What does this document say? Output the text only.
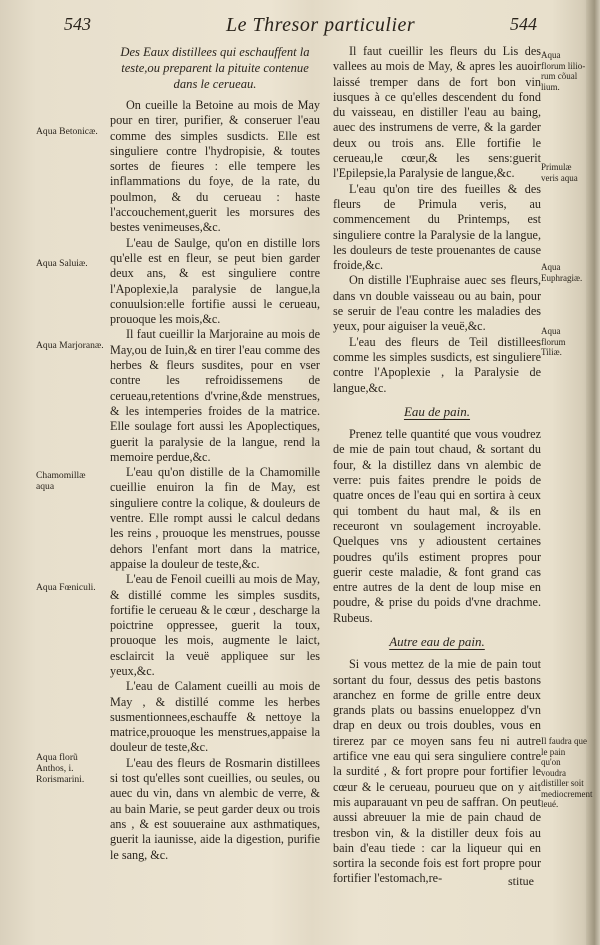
543	Le Thresor particulier	544

Des Eaux distillees qui eschauffent la teste,ou preparent la pituite contenue dans le cerueau.

On cueille la Betoine au mois de May pour en tirer, purifier, & conseruer l'eau comme des simples susdicts. Elle est singuliere contre l'hydropisie, & toutes sortes de fieures : elle tempere les inflammations du foye, de la rate, du poulmon, & du cerueau : haste l'accouchement,guerit les morsures des bestes venimeuses,&c.

L'eau de Saulge, qu'on en distille lors qu'elle est en fleur, se peut bien garder deux ans, & est singuliere contre l'Apoplexie,la paralysie de langue,la conuulsion:elle fortifie aussi le cerueau, prouoque les mois,&c.

Il faut cueillir la Marjoraine au mois de May,ou de Iuin,& en tirer l'eau comme des herbes & fleurs susdites, pour en vser contre les refroidissemens de cerueau,retentions d'vrine,&de menstrues, & les intemperies froides de la matrice. Elle soulage fort aussi les Apoplectiques, guerit la paralysie de la langue, rend la memoire perdue,&c.

L'eau qu'on distille de la Chamomille cueillie enuiron la fin de May, est singuliere contre la colique, & douleurs de ventre. Elle rompt aussi le calcul dedans les reins , prouoque les menstrues, pousse dehors l'enfant mort dans la matrice, appaise la douleur de teste,&c.

L'eau de Fenoil cueilli au mois de May, & distillé comme les simples susdits, fortifie le cerueau & le cœur , descharge la poictrine oppressee, guerit la toux, prouoque les mois, augmente le laict, esclaircit la veuë appliquee sur les yeux,&c.

L'eau de Calament cueilli au mois de May , & distillé comme les herbes susmentionnees,eschauffe & nettoye la matrice,prouoque les menstrues,appaise la douleur de teste,&c.

L'eau des fleurs de Rosmarin distillees si tost qu'elles sont cueillies, ou seules, ou auec du vin, dans vn alembic de verre, & au bain Marie, se peut garder deux ou trois ans , & est souueraine aux asthmatiques, guerit la iaunisse, aide la digestion, purifie le sang, &c.

Aqua Betonicæ.
Aqua Saluiæ.
Aqua Marjoranæ.
Chamomillæ aqua
Aqua Fœniculi.
Aqua florũ Anthos, i. Rorismarini.

Il faut cueillir les fleurs du Lis des vallees au mois de May, & apres les auoir laissé tremper dans de fort bon vin iusques à ce qu'elles descendent du fond du vaisseau, en distiller l'eau au baing, auec des instrumens de verre, & la garder deux ou trois ans. Elle fortifie le cerueau,le cœur,& les sens:guerit l'Epilepsie,la Paralysie de langue,&c.

L'eau qu'on tire des fueilles & des fleurs de Primula veris, au commencement du Printemps, est singuliere contre la Paralysie de la langue, les douleurs de teste prouenantes de cause froide,&c.

On distille l'Euphraise auec ses fleurs, dans vn double vaisseau ou au bain, pour se seruir de l'eau contre les maladies des yeux, pour aiguiser la veuë,&c.

L'eau des fleurs de Teil distillees comme les simples susdicts, est singuliere contre l'Apoplexie , la Paralysie de langue,&c.

Eau de pain.

Prenez telle quantité que vous voudrez de mie de pain tout chaud, & sortant du four, & la distillez dans vn alembic de verre: puis faites prendre le poids de quatre onces de l'eau qui en sortira à ceux qui tombent du haut mal, & ils en receuront vn soulagement incroyable. Quelques vns y adioustent certaines poudres qu'ils estiment propres pour guerir ceste maladie, & font grand cas entre autres de la dent de loup mise en poudre, & prise du poids d'vne drachme. Rubeus.

Autre eau de pain.

Si vous mettez de la mie de pain tout sortant du four, dessus des petis bastons aranchez en forme de grille entre deux grands plats ou bassins enueloppez d'vn drap en deux ou trois doubles, vous en tirerez par ce moyen sans feu ni autre artifice vne eau qui sera singuliere contre la surdité , & fort propre pour fortifier le cœur & le cerueau, pourueu que on y ait mis auparauant vn peu de saffran. On peut aussi abreuuer la mie de pain chaud de tresbon vin, & la distiller deux fois au bain d'eau tiede : car la liqueur qui en sortira la seconde fois est fort propre pour fortifier l'estomach,re-

Aqua florum lilio-rum cõual lium.
Primulæ veris aqua
Aqua Euphragiæ.
Aqua florum Tiliæ.
Il faudra que le pain qu'on voudra distiller soit mediocrement leué.
stitue
